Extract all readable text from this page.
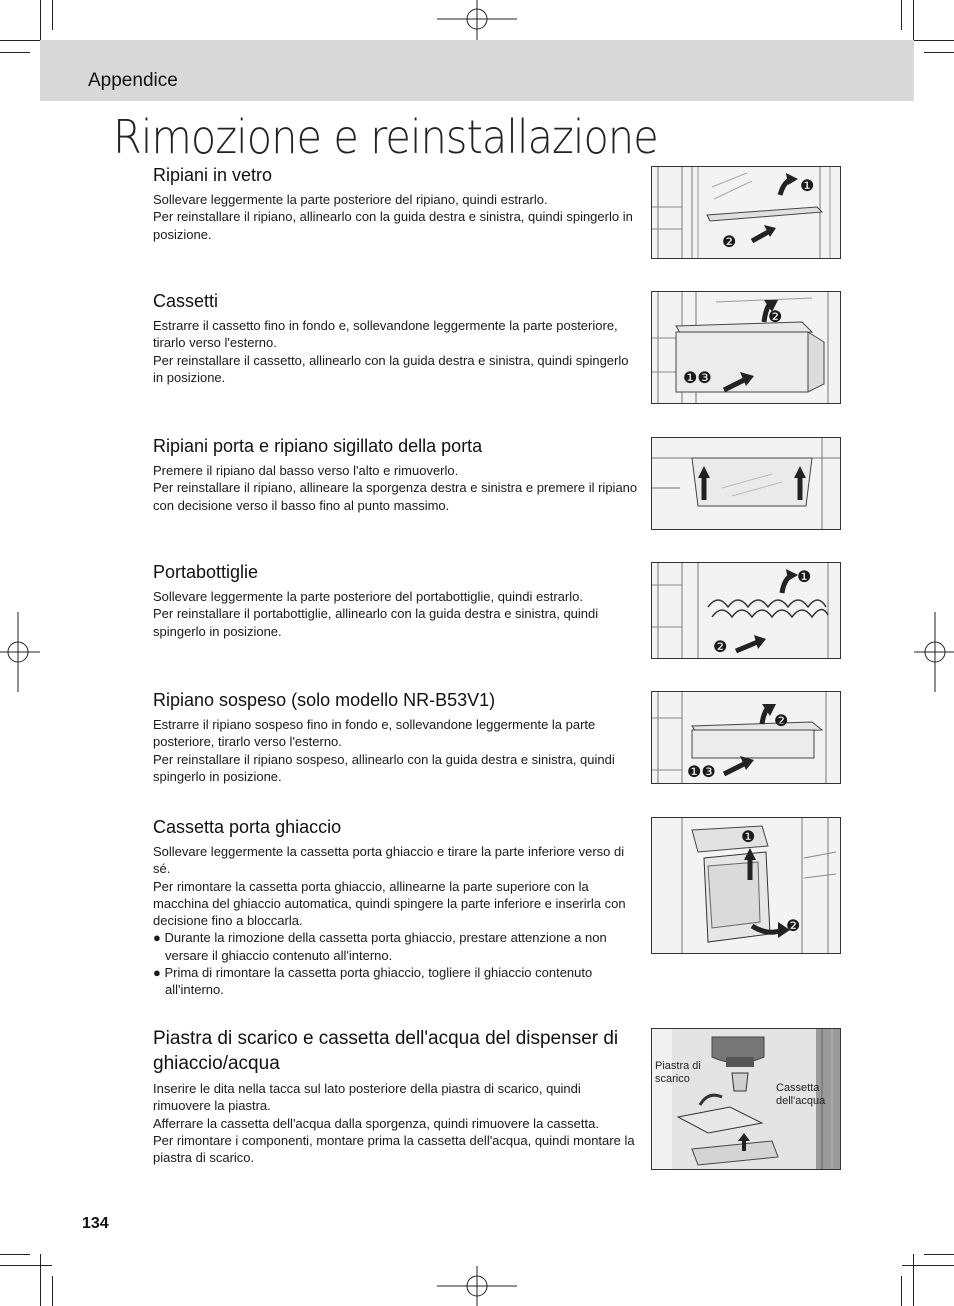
Appendice
Rimozione e reinstallazione
Ripiani in vetro

Sollevare leggermente la parte posteriore del ripiano, quindi estrarlo.

Per reinstallare il ripiano, allinearlo con la guida destra e sinistra, quindi spingerlo in posizione.

❶
❷
Cassetti

Estrarre il cassetto fino in fondo e, sollevandone leggermente la parte posteriore, tirarlo verso l'esterno.

Per reinstallare il cassetto, allinearlo con la guida destra e sinistra, quindi spingerlo in posizione.

❷
❶❸
Ripiani porta e ripiano sigillato della porta

Premere il ripiano dal basso verso l'alto e rimuoverlo.

Per reinstallare il ripiano, allineare la sporgenza destra e sinistra e premere il ripiano con decisione verso il basso fino al punto massimo.

Portabottiglie

Sollevare leggermente la parte posteriore del portabottiglie, quindi estrarlo.

Per reinstallare il portabottiglie, allinearlo con la guida destra e sinistra, quindi spingerlo in posizione.

❶
❷
Ripiano sospeso (solo modello NR-B53V1)

Estrarre il ripiano sospeso fino in fondo e, sollevandone leggermente la parte posteriore, tirarlo verso l'esterno.

Per reinstallare il ripiano sospeso, allinearlo con la guida destra e sinistra, quindi spingerlo in posizione.

❷
❶❸
Cassetta porta ghiaccio

Sollevare leggermente la cassetta porta ghiaccio e tirare la parte inferiore verso di sé.

Per rimontare la cassetta porta ghiaccio, allinearne la parte superiore con la macchina del ghiaccio automatica, quindi spingere la parte inferiore e inserirla con decisione fino a bloccarla.

● Durante la rimozione della cassetta porta ghiaccio, prestare attenzione a non versare il ghiaccio contenuto all'interno.

● Prima di rimontare la cassetta porta ghiaccio, togliere il ghiaccio contenuto all'interno.

❶
❷
Piastra di scarico e cassetta dell'acqua del dispenser di ghiaccio/acqua

Inserire le dita nella tacca sul lato posteriore della piastra di scarico, quindi rimuovere la piastra.

Afferrare la cassetta dell'acqua dalla sporgenza, quindi rimuovere la cassetta.

Per rimontare i componenti, montare prima la cassetta dell'acqua, quindi montare la piastra di scarico.

Piastra di
scarico
Cassetta
dell'acqua
134
